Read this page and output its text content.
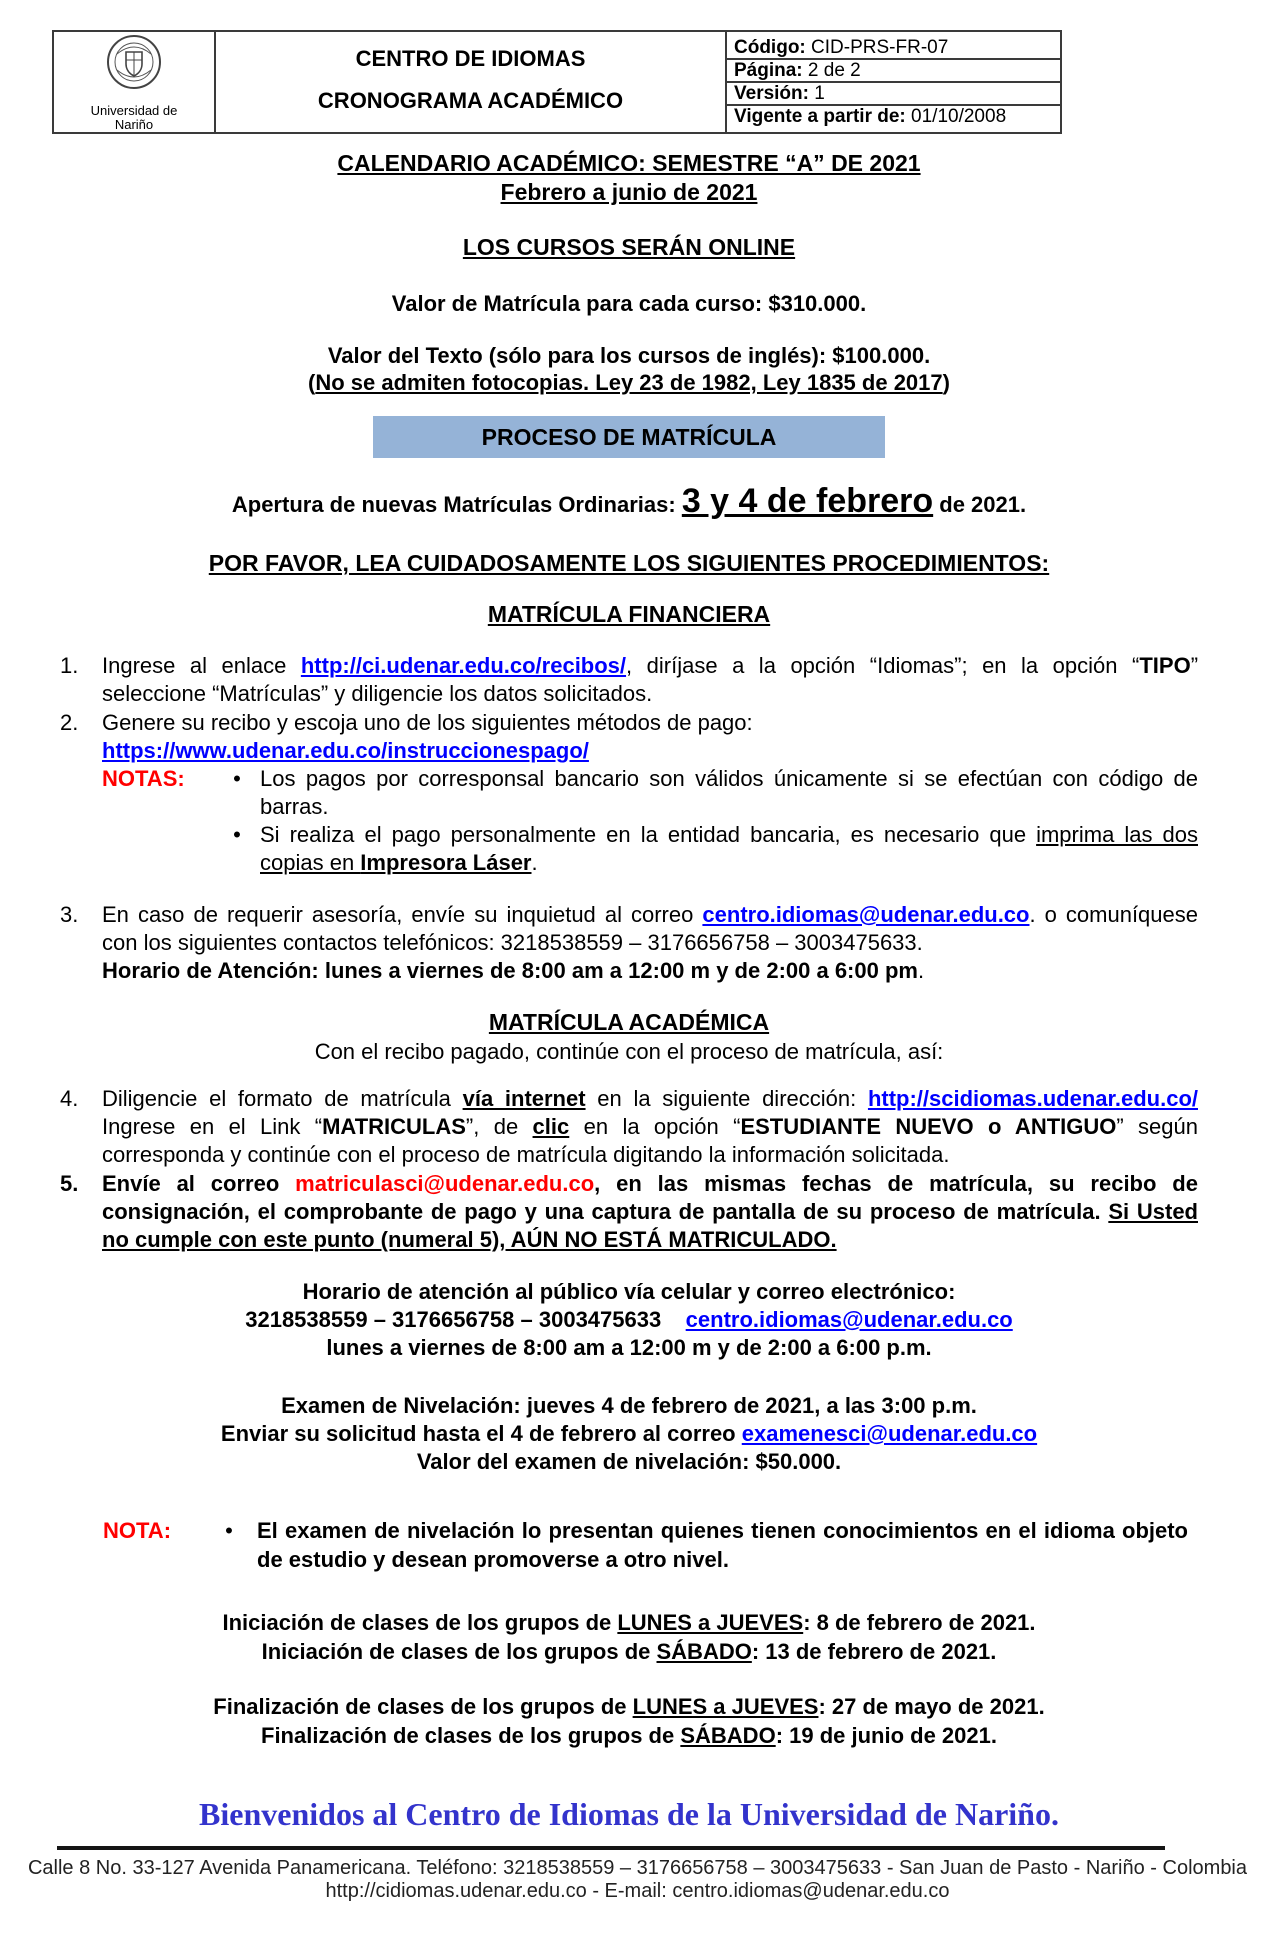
Universidad de
Nariño

CENTRO DE IDIOMAS
CRONOGRAMA ACADÉMICO

Código: CID-PRS-FR-07
Página: 2 de 2
Versión: 1
Vigente a partir de: 01/10/2008
CALENDARIO ACADÉMICO: SEMESTRE “A” DE 2021
Febrero a junio de 2021
LOS CURSOS SERÁN ONLINE
Valor de Matrícula para cada curso: $310.000.
Valor del Texto (sólo para los cursos de inglés): $100.000.
(No se admiten fotocopias. Ley 23 de 1982, Ley 1835 de 2017)
PROCESO DE MATRÍCULA
Apertura de nuevas Matrículas Ordinarias: 3 y 4 de febrero de 2021.
POR FAVOR, LEA CUIDADOSAMENTE LOS SIGUIENTES PROCEDIMIENTOS:
MATRÍCULA FINANCIERA
1.	Ingrese al enlace http://ci.udenar.edu.co/recibos/, diríjase a la opción “Idiomas”; en la opción “TIPO” seleccione “Matrículas” y diligencie los datos solicitados.
2.	Genere su recibo y escoja uno de los siguientes métodos de pago:
https://www.udenar.edu.co/instruccionespago/
NOTAS:	• Los pagos por corresponsal bancario son válidos únicamente si se efectúan con código de barras.
• Si realiza el pago personalmente en la entidad bancaria, es necesario que imprima las dos copias en Impresora Láser.
3.	En caso de requerir asesoría, envíe su inquietud al correo centro.idiomas@udenar.edu.co. o comuníquese con los siguientes contactos telefónicos: 3218538559 – 3176656758 – 3003475633.
Horario de Atención: lunes a viernes de 8:00 am a 12:00 m y de 2:00 a 6:00 pm.
MATRÍCULA ACADÉMICA
Con el recibo pagado, continúe con el proceso de matrícula, así:
4.	Diligencie el formato de matrícula vía internet en la siguiente dirección: http://scidiomas.udenar.edu.co/ Ingrese en el Link “MATRICULAS”, de clic en la opción “ESTUDIANTE NUEVO o ANTIGUO” según corresponda y continúe con el proceso de matrícula digitando la información solicitada.
5.	Envíe al correo matriculasci@udenar.edu.co, en las mismas fechas de matrícula, su recibo de consignación, el comprobante de pago y una captura de pantalla de su proceso de matrícula. Si Usted no cumple con este punto (numeral 5), AÚN NO ESTÁ MATRICULADO.
Horario de atención al público vía celular y correo electrónico:
3218538559 – 3176656758 – 3003475633    centro.idiomas@udenar.edu.co
lunes a viernes de 8:00 am a 12:00 m y de 2:00 a 6:00 p.m.
Examen de Nivelación: jueves 4 de febrero de 2021, a las 3:00 p.m.
Enviar su solicitud hasta el 4 de febrero al correo examenesci@udenar.edu.co
Valor del examen de nivelación: $50.000.
NOTA:	•	El examen de nivelación lo presentan quienes tienen conocimientos en el idioma objeto de estudio y desean promoverse a otro nivel.
Iniciación de clases de los grupos de LUNES a JUEVES: 8 de febrero de 2021.
Iniciación de clases de los grupos de SÁBADO: 13 de febrero de 2021.
Finalización de clases de los grupos de LUNES a JUEVES: 27 de mayo de 2021.
Finalización de clases de los grupos de SÁBADO: 19 de junio de 2021.
Bienvenidos al Centro de Idiomas de la Universidad de Nariño.
Calle 8 No. 33-127 Avenida Panamericana. Teléfono: 3218538559 – 3176656758 – 3003475633 - San Juan de Pasto - Nariño - Colombia
http://cidiomas.udenar.edu.co - E-mail: centro.idiomas@udenar.edu.co
